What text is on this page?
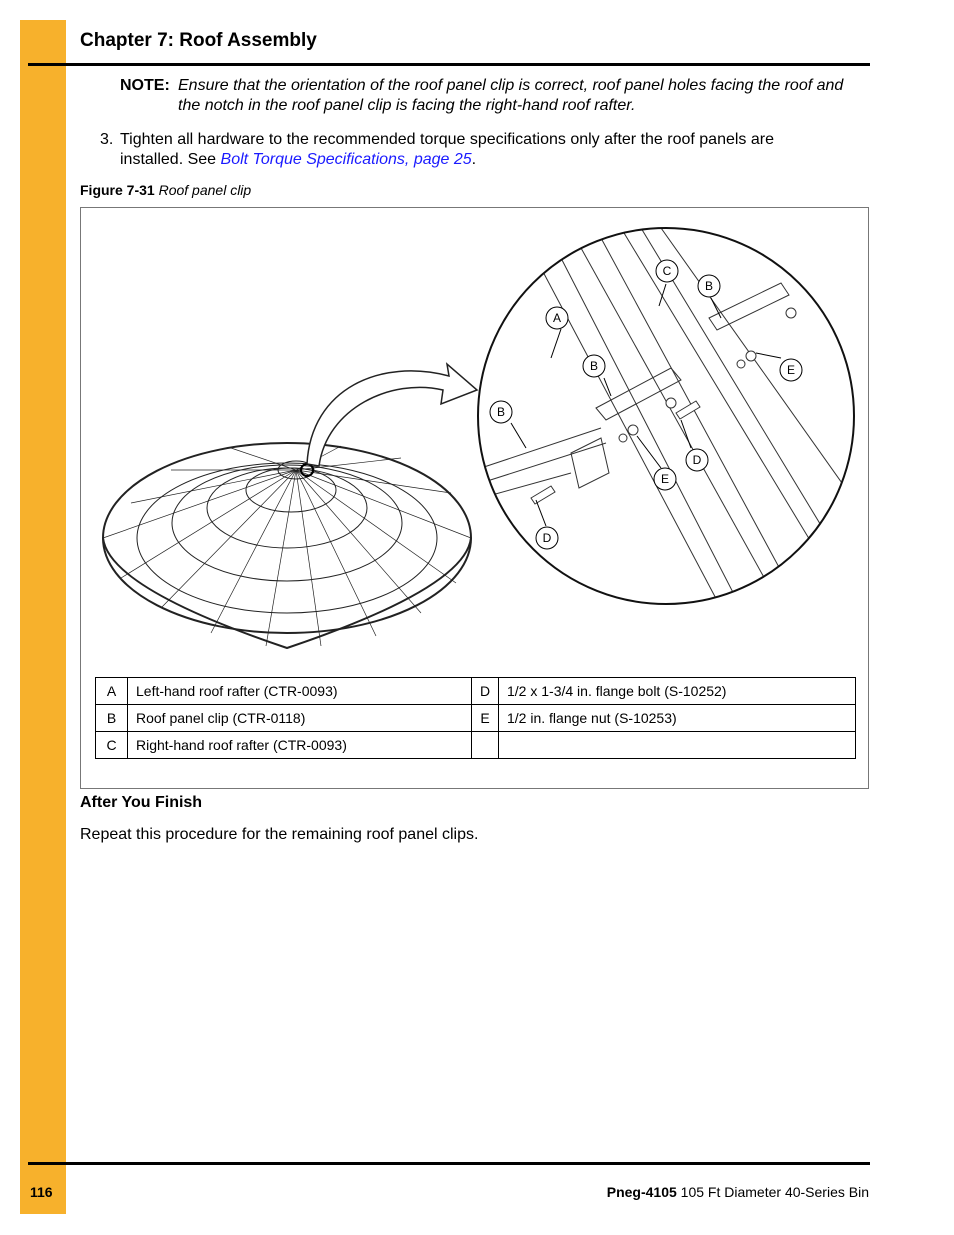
Chapter 7: Roof Assembly
NOTE: Ensure that the orientation of the roof panel clip is correct, roof panel holes facing the roof and the notch in the roof panel clip is facing the right-hand roof rafter.
3. Tighten all hardware to the recommended torque specifications only after the roof panels are installed. See Bolt Torque Specifications, page 25.
Figure 7-31 Roof panel clip
C
B
A
B	E
B
D
E
D
A	Left-hand roof rafter (CTR-0093)	D	1/2 x 1-3/4 in. flange bolt (S-10252)
B	Roof panel clip (CTR-0118)	E	1/2 in. flange nut (S-10253)
C	Right-hand roof rafter (CTR-0093)		
After You Finish
Repeat this procedure for the remaining roof panel clips.
116	Pneg-4105 105 Ft Diameter 40-Series Bin
